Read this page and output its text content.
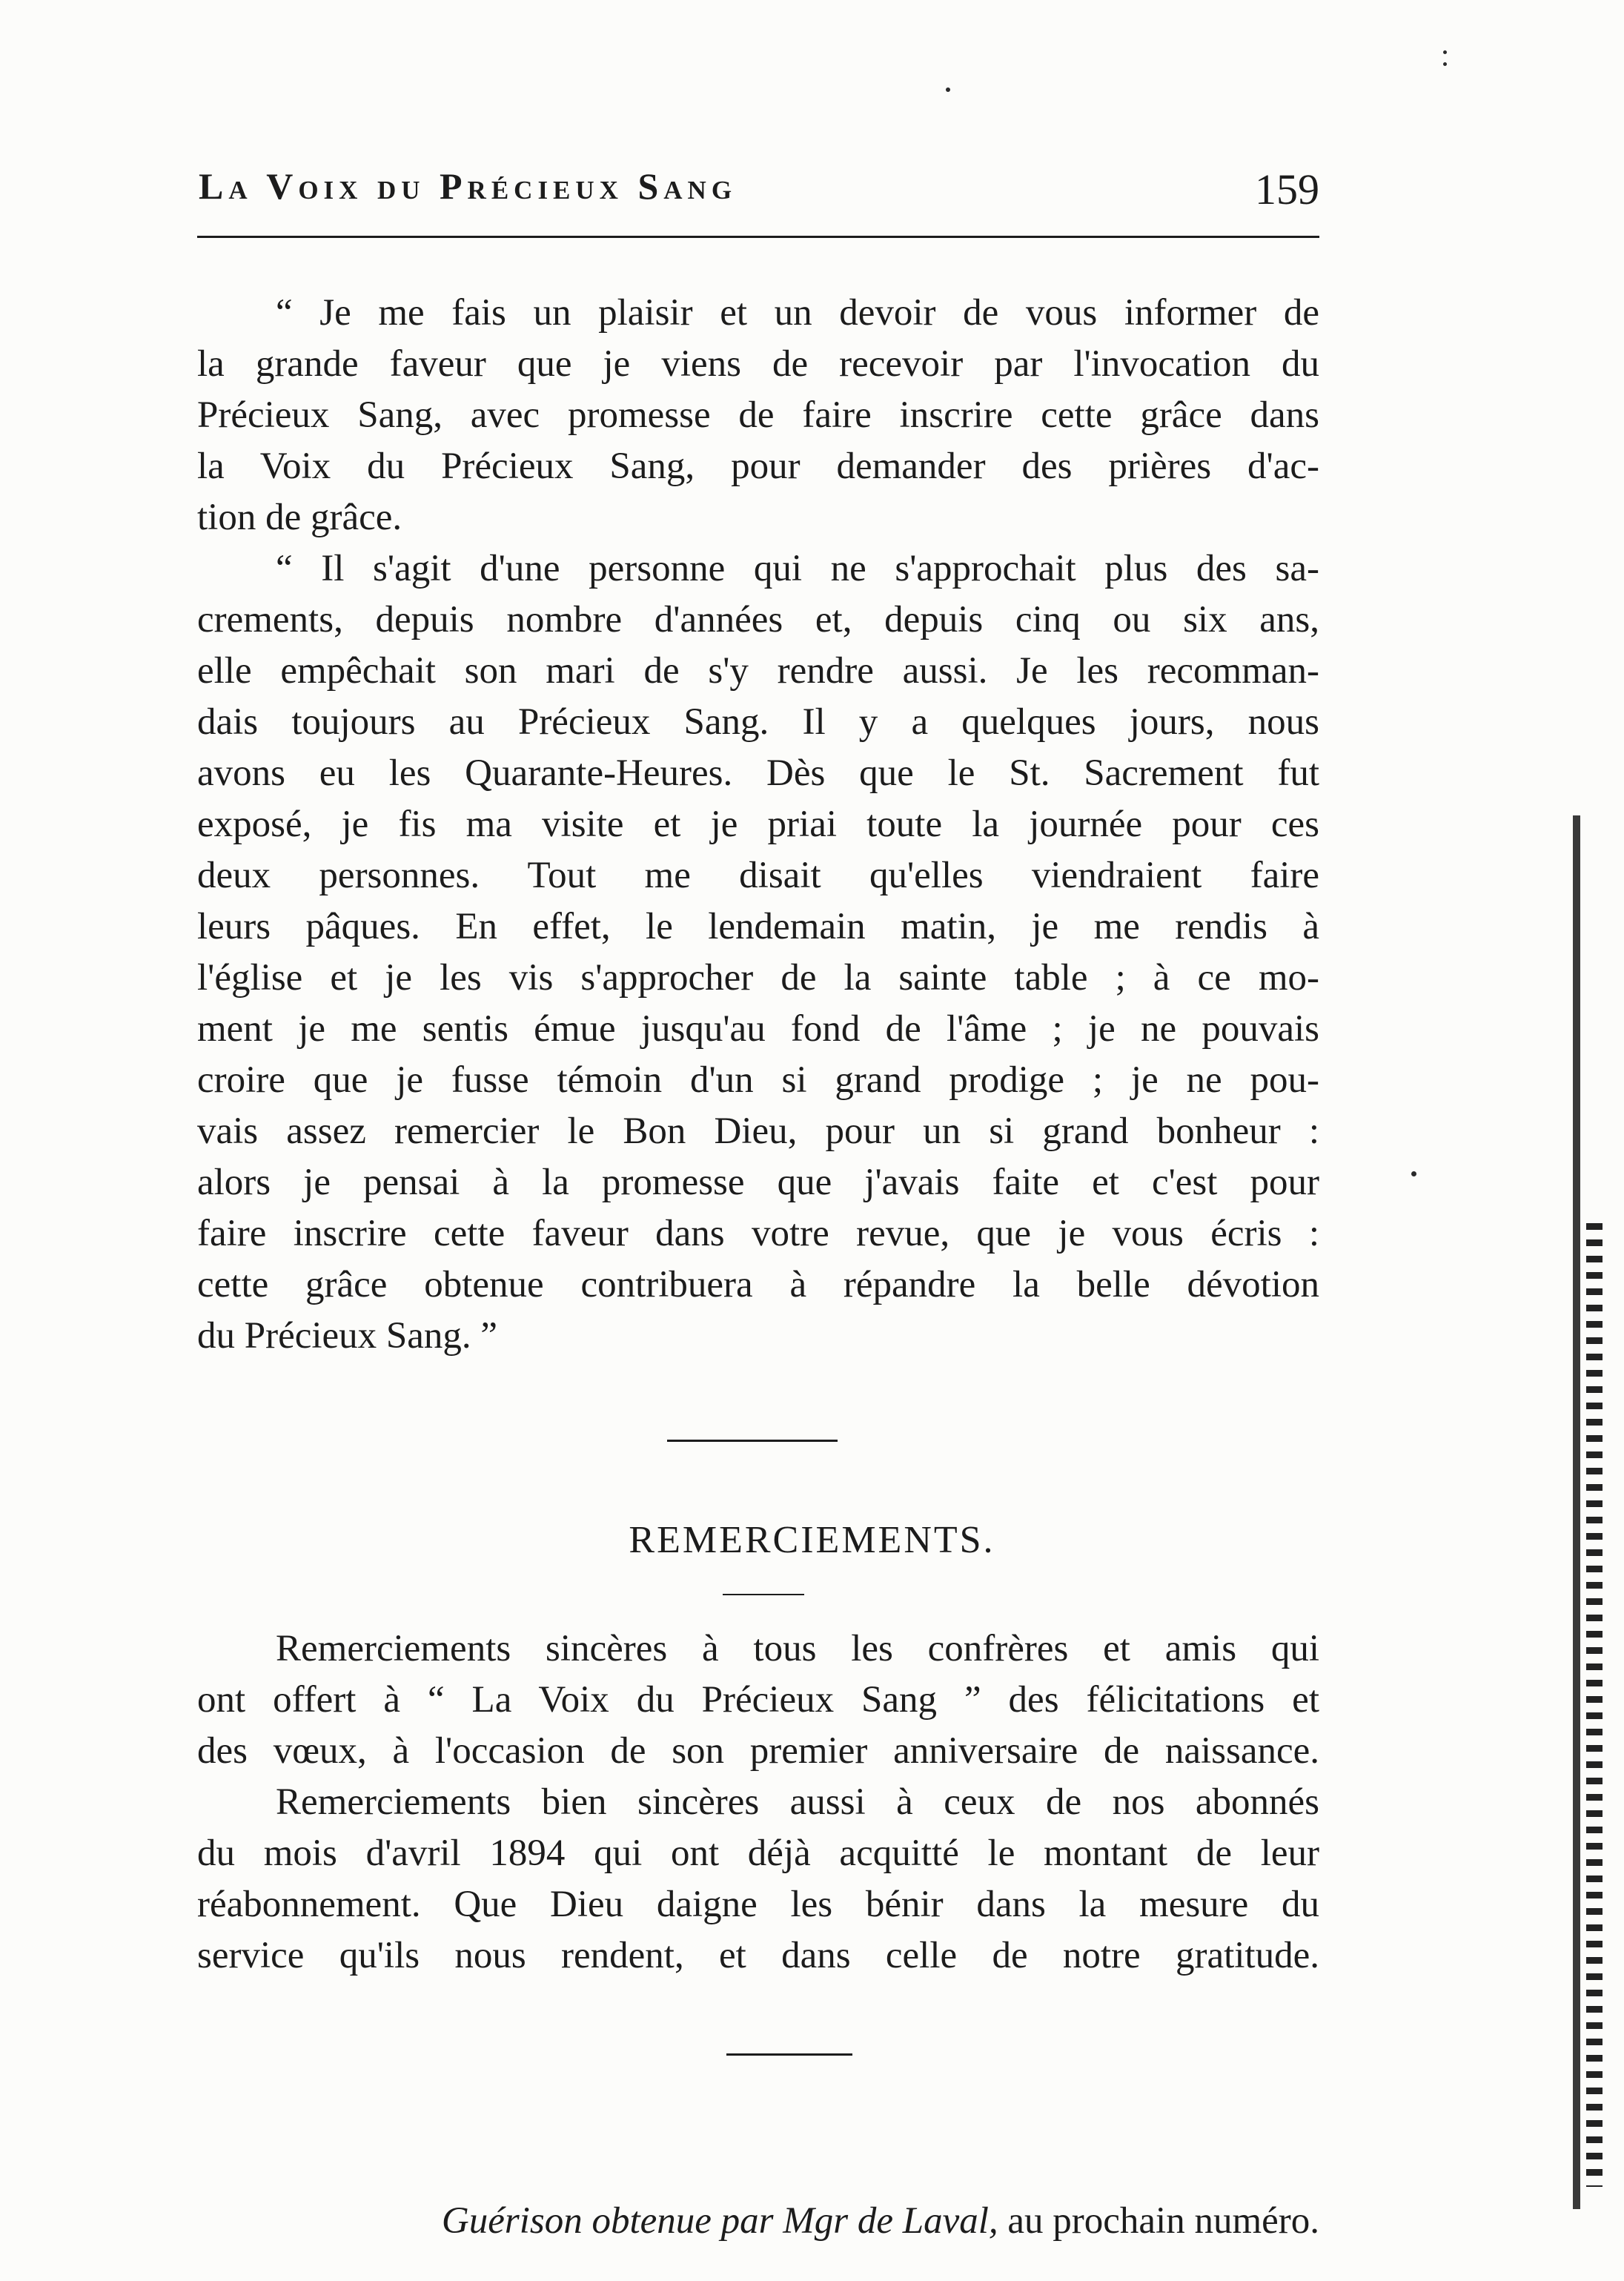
La Voix du Précieux Sang	159
“ Je me fais un plaisir et un devoir de vous informer de
la grande faveur que je viens de recevoir par l'invocation du
Précieux Sang, avec promesse de faire inscrire cette grâce dans
la Voix du Précieux Sang, pour demander des prières d'ac-
tion de grâce.
“ Il s'agit d'une personne qui ne s'approchait plus des sa-
crements, depuis nombre d'années et, depuis cinq ou six ans,
elle empêchait son mari de s'y rendre aussi. Je les recomman-
dais toujours au Précieux Sang. Il y a quelques jours, nous
avons eu les Quarante-Heures. Dès que le St. Sacrement fut
exposé, je fis ma visite et je priai toute la journée pour ces
deux personnes. Tout me disait qu'elles viendraient faire
leurs pâques. En effet, le lendemain matin, je me rendis à
l'église et je les vis s'approcher de la sainte table ; à ce mo-
ment je me sentis émue jusqu'au fond de l'âme ; je ne pouvais
croire que je fusse témoin d'un si grand prodige ; je ne pou-
vais assez remercier le Bon Dieu, pour un si grand bonheur :
alors je pensai à la promesse que j'avais faite et c'est pour
faire inscrire cette faveur dans votre revue, que je vous écris :
cette grâce obtenue contribuera à répandre la belle dévotion
du Précieux Sang. ”
REMERCIEMENTS.
Remerciements sincères à tous les confrères et amis qui
ont offert à “ La Voix du Précieux Sang ” des félicitations et
des vœux, à l'occasion de son premier anniversaire de naissance.
Remerciements bien sincères aussi à ceux de nos abonnés
du mois d'avril 1894 qui ont déjà acquitté le montant de leur
réabonnement. Que Dieu daigne les bénir dans la mesure du
service qu'ils nous rendent, et dans celle de notre gratitude.
Guérison obtenue par Mgr de Laval, au prochain numéro.
